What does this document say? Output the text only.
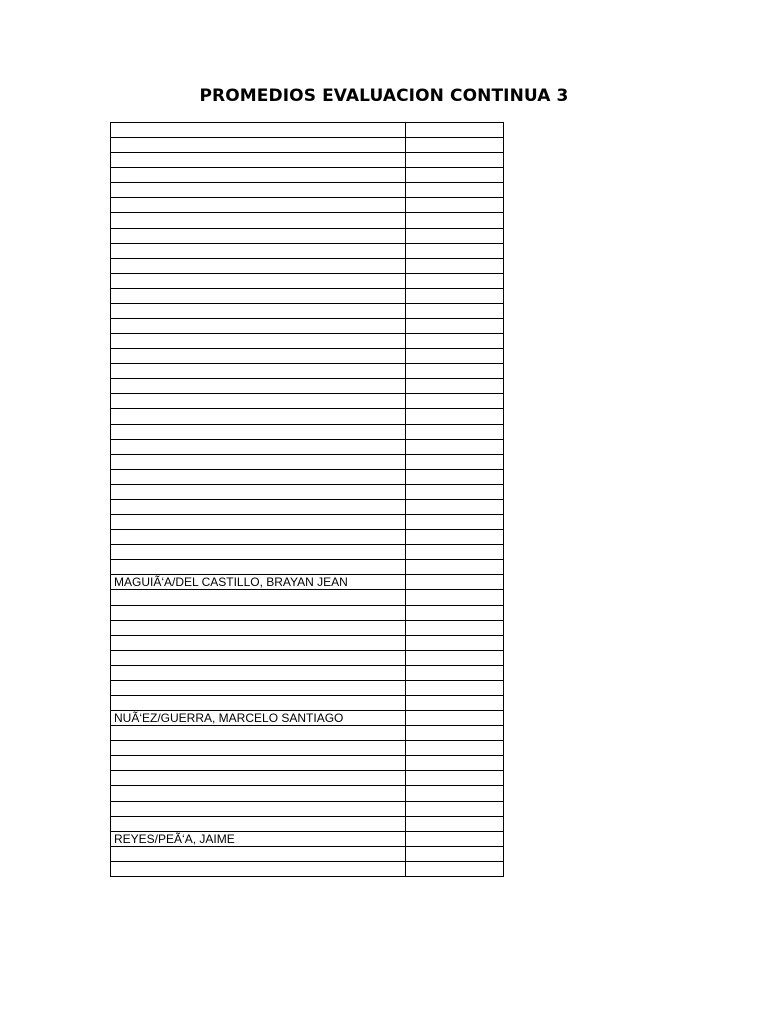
PROMEDIOS EVALUACION CONTINUA 3

MAGUIÃ‘A/DEL CASTILLO, BRAYAN JEAN	

NUÃ‘EZ/GUERRA, MARCELO SANTIAGO	

REYES/PEÃ‘A, JAIME	
